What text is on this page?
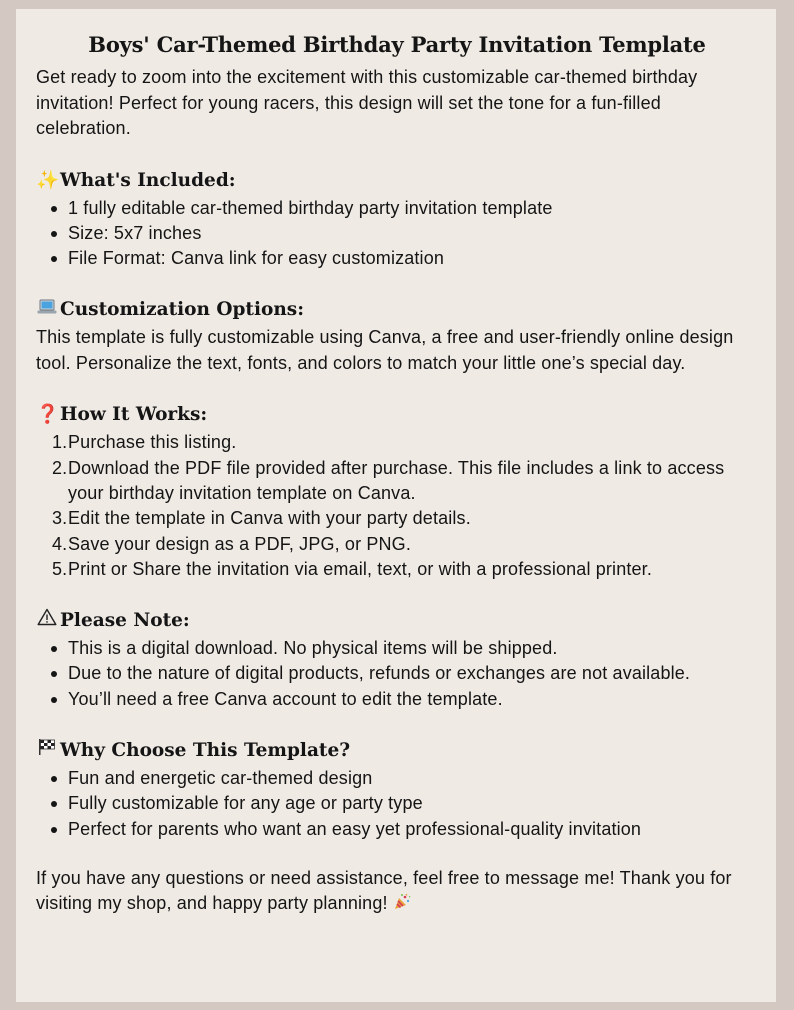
Boys' Car-Themed Birthday Party Invitation Template

Get ready to zoom into the excitement with this customizable car-themed birthday invitation! Perfect for young racers, this design will set the tone for a fun-filled celebration.

✨ What's Included:
1 fully editable car-themed birthday party invitation template
Size: 5x7 inches
File Format: Canva link for easy customization
Customization Options:

This template is fully customizable using Canva, a free and user-friendly online design tool. Personalize the text, fonts, and colors to match your little one’s special day.

❓ How It Works:
1. Purchase this listing.
2. Download the PDF file provided after purchase. This file includes a link to access your birthday invitation template on Canva.
3. Edit the template in Canva with your party details.
4. Save your design as a PDF, JPG, or PNG.
5. Print or Share the invitation via email, text, or with a professional printer.
Please Note:
This is a digital download. No physical items will be shipped.
Due to the nature of digital products, refunds or exchanges are not available.
You’ll need a free Canva account to edit the template.
Why Choose This Template?
Fun and energetic car-themed design
Fully customizable for any age or party type
Perfect for parents who want an easy yet professional-quality invitation

If you have any questions or need assistance, feel free to message me! Thank you for visiting my shop, and happy party planning!
